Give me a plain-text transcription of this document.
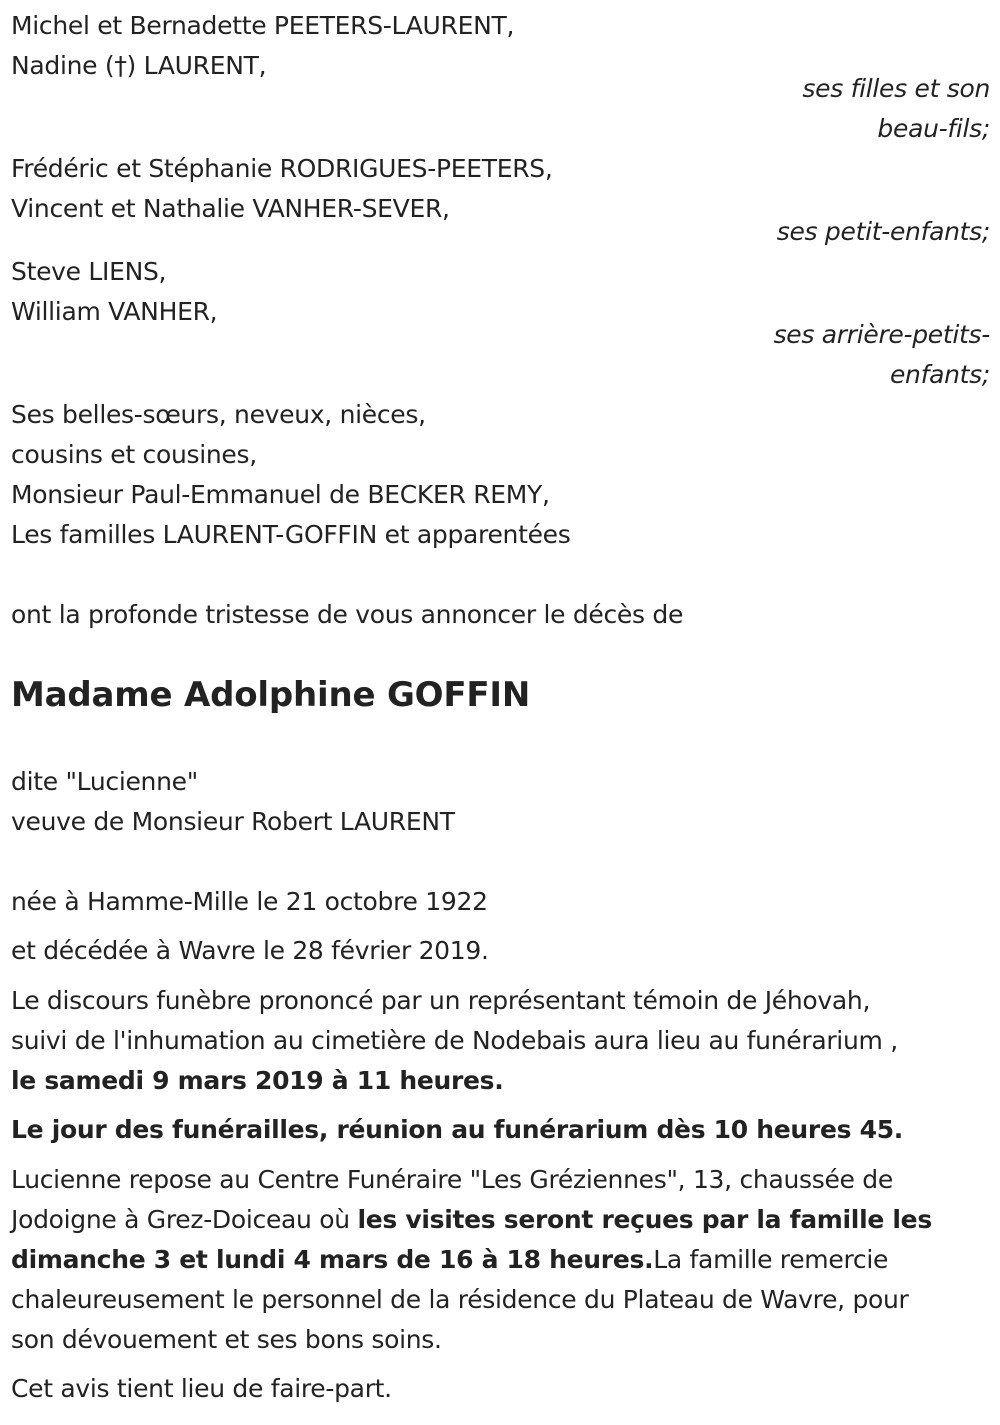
Michel et Bernadette PEETERS-LAURENT,
Nadine (†) LAURENT,
ses filles et son
beau-fils;
Frédéric et Stéphanie RODRIGUES-PEETERS,
Vincent et Nathalie VANHER-SEVER,
ses petit-enfants;
Steve LIENS,
William VANHER,
ses arrière-petits-
enfants;
Ses belles-sœurs, neveux, nièces,
cousins et cousines,
Monsieur Paul-Emmanuel de BECKER REMY,
Les familles LAURENT-GOFFIN et apparentées
ont la profonde tristesse de vous annoncer le décès de
Madame Adolphine GOFFIN
dite "Lucienne"
veuve de Monsieur Robert LAURENT
née à Hamme-Mille le 21 octobre 1922
et décédée à Wavre le 28 février 2019.
Le discours funèbre prononcé par un représentant témoin de Jéhovah,
suivi de l'inhumation au cimetière de Nodebais aura lieu au funérarium ,
le samedi 9 mars 2019 à 11 heures.
Le jour des funérailles, réunion au funérarium dès 10 heures 45.
Lucienne repose au Centre Funéraire "Les Gréziennes", 13, chaussée de
Jodoigne à Grez-Doiceau où les visites seront reçues par la famille les
dimanche 3 et lundi 4 mars de 16 à 18 heures.La famille remercie
chaleureusement le personnel de la résidence du Plateau de Wavre, pour
son dévouement et ses bons soins.
Cet avis tient lieu de faire-part.
